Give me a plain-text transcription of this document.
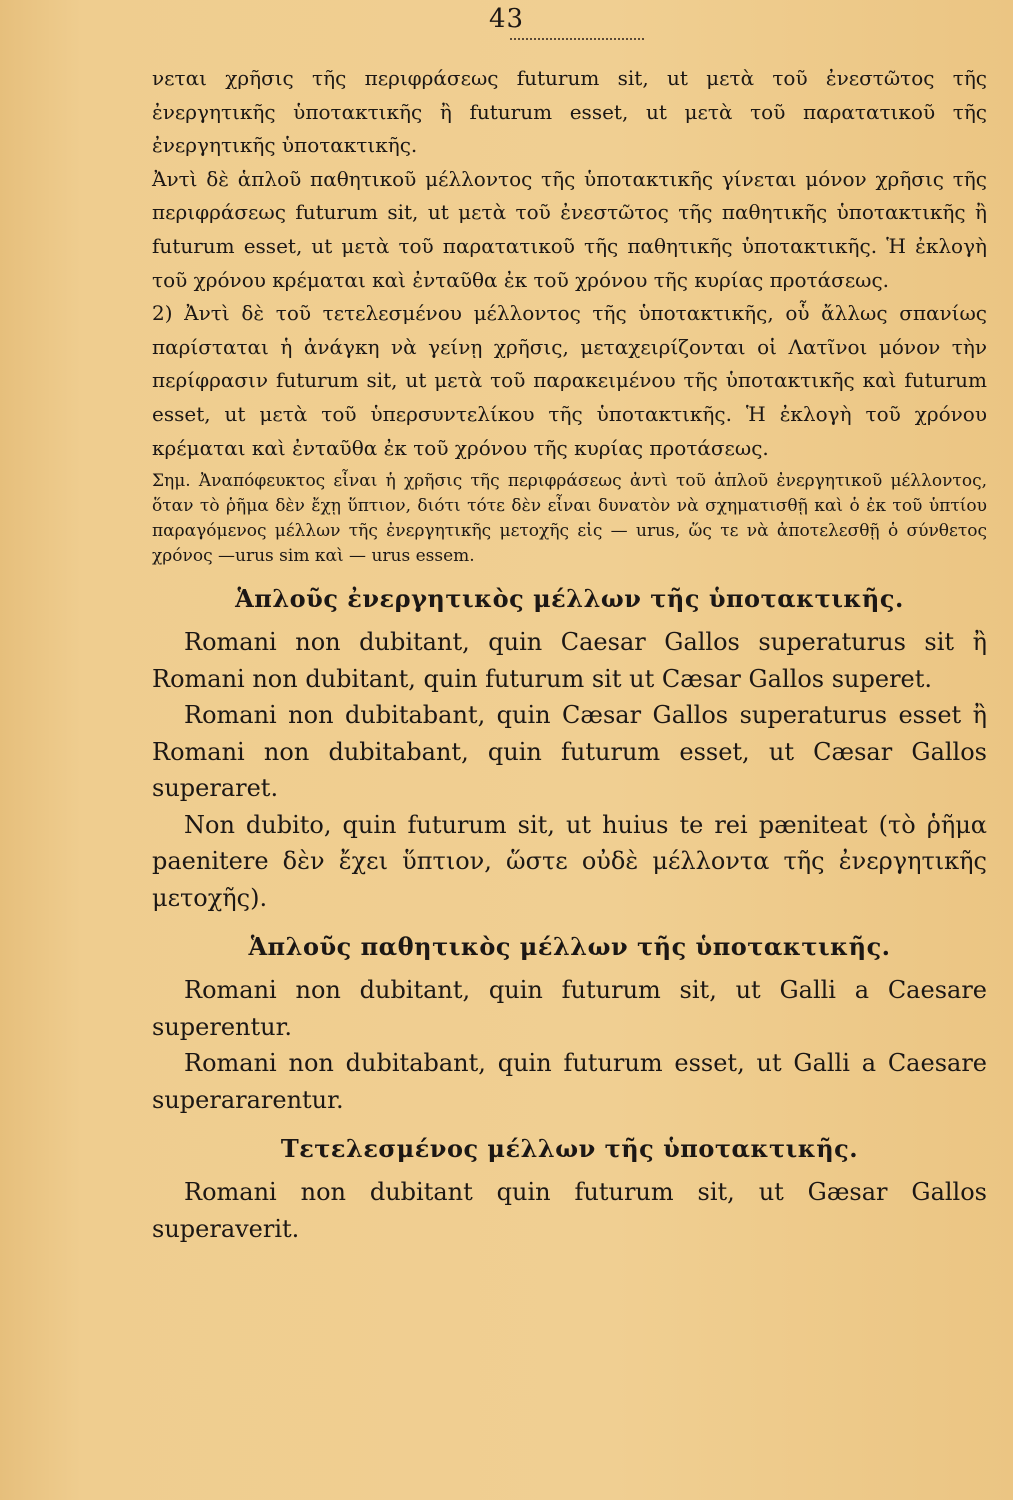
43

νεται χρῆσις τῆς περιφράσεως futurum sit, ut μετὰ τοῦ ἐνεστῶτος τῆς ἐνεργητικῆς ὑποτακτικῆς ἢ futurum esset, ut μετὰ τοῦ παρατατικοῦ τῆς ἐνεργητικῆς ὑποτακτικῆς.

Ἀντὶ δὲ ἁπλοῦ παθητικοῦ μέλλοντος τῆς ὑποτακτικῆς γίνεται μόνον χρῆσις τῆς περιφράσεως futurum sit, ut μετὰ τοῦ ἐνεστῶτος τῆς παθητικῆς ὑποτακτικῆς ἢ futurum esset, ut μετὰ τοῦ παρατατικοῦ τῆς παθητικῆς ὑποτακτικῆς. Ἡ ἐκλογὴ τοῦ χρόνου κρέμαται καὶ ἐνταῦθα ἐκ τοῦ χρόνου τῆς κυρίας προτάσεως.

2) Ἀντὶ δὲ τοῦ τετελεσμένου μέλλοντος τῆς ὑποτακτικῆς, οὗ ἄλλως σπανίως παρίσταται ἡ ἀνάγκη νὰ γείνῃ χρῆσις, μεταχειρίζονται οἱ Λατῖνοι μόνον τὴν περίφρασιν futurum sit, ut μετὰ τοῦ παρακειμένου τῆς ὑποτακτικῆς καὶ futurum esset, ut μετὰ τοῦ ὑπερσυντελίκου τῆς ὑποτακτικῆς. Ἡ ἐκλογὴ τοῦ χρόνου κρέμαται καὶ ἐνταῦθα ἐκ τοῦ χρόνου τῆς κυρίας προτάσεως.

Σημ. Ἀναπόφευκτος εἶναι ἡ χρῆσις τῆς περιφράσεως ἀντὶ τοῦ ἁπλοῦ ἐνεργητικοῦ μέλλοντος, ὅταν τὸ ῥῆμα δὲν ἔχῃ ὕπτιον, διότι τότε δὲν εἶναι δυνατὸν νὰ σχηματισθῇ καὶ ὁ ἐκ τοῦ ὑπτίου παραγόμενος μέλλων τῆς ἐνεργητικῆς μετοχῆς εἰς — urus, ὥς τε νὰ ἀποτελεσθῇ ὁ σύνθετος χρόνος —urus sim καὶ — urus essem.

Ἁπλοῦς ἐνεργητικὸς μέλλων τῆς ὑποτακτικῆς.

Romani non dubitant, quin Caesar Gallos superaturus sit ἢ Romani non dubitant, quin futurum sit ut Cæsar Gallos superet.

Romani non dubitabant, quin Cæsar Gallos superaturus esset ἢ Romani non dubitabant, quin futurum esset, ut Cæsar Gallos superaret.

Non dubito, quin futurum sit, ut huius te rei pæniteat (τὸ ῥῆμα paenitere δὲν ἔχει ὕπτιον, ὥστε οὐδὲ μέλλοντα τῆς ἐνεργητικῆς μετοχῆς).

Ἁπλοῦς παθητικὸς μέλλων τῆς ὑποτακτικῆς.

Romani non dubitant, quin futurum sit, ut Galli a Caesare superentur.

Romani non dubitabant, quin futurum esset, ut Galli a Caesare superararentur.

Τετελεσμένος μέλλων τῆς ὑποτακτικῆς.

Romani non dubitant quin futurum sit, ut Gæsar Gallos superaverit.
